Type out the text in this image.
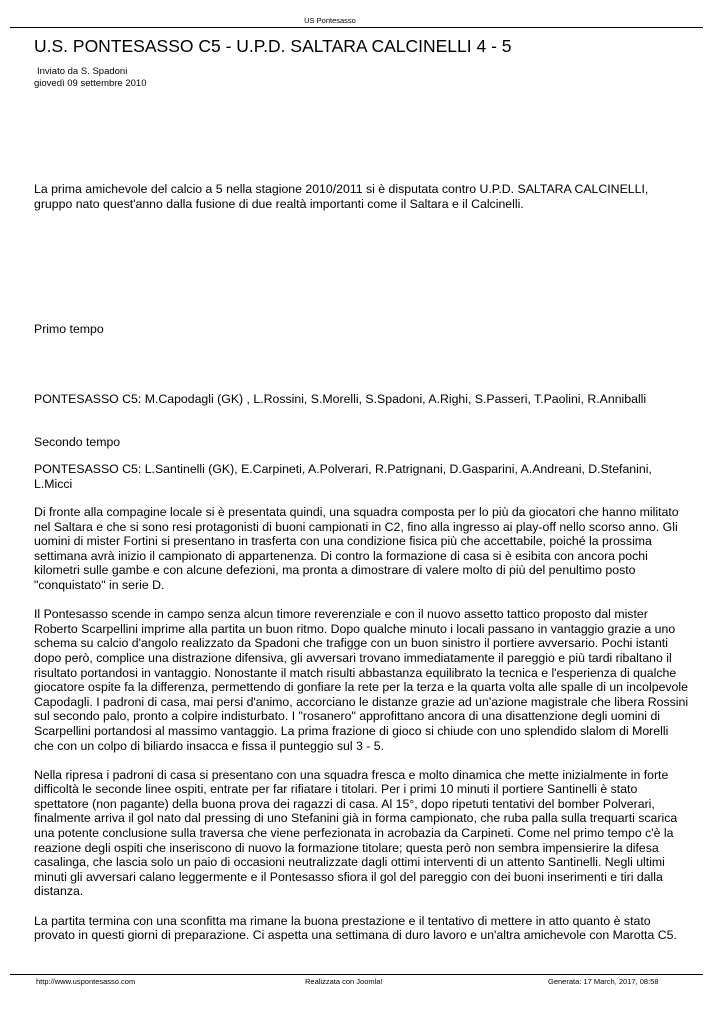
US Pontesasso
U.S. PONTESASSO C5 - U.P.D. SALTARA CALCINELLI 4 - 5
Inviato da S. Spadoni
giovedì 09 settembre 2010

La prima amichevole del calcio a 5 nella stagione 2010/2011 si è disputata contro U.P.D. SALTARA CALCINELLI, gruppo nato quest'anno dalla fusione di due realtà importanti come il Saltara e il Calcinelli.

Primo tempo

PONTESASSO C5: M.Capodagli (GK) , L.Rossini, S.Morelli, S.Spadoni, A.Righi, S.Passeri, T.Paolini, R.Anniballi

Secondo tempo

PONTESASSO C5: L.Santinelli (GK), E.Carpineti, A.Polverari, R.Patrignani, D.Gasparini, A.Andreani, D.Stefanini, L.Micci

Di fronte alla compagine locale si è presentata quindi, una squadra composta per lo più da giocatori che hanno militato nel Saltara e che si sono resi protagonisti di buoni campionati in C2, fino alla ingresso ai play-off nello scorso anno. Gli uomini di mister Fortini si presentano in trasferta con una condizione fisica più che accettabile, poiché la prossima settimana avrà inizio il campionato di appartenenza. Di contro la formazione di casa si è esibita con ancora pochi kilometri sulle gambe e con alcune defezioni, ma pronta a dimostrare di valere molto di più del penultimo posto "conquistato" in serie D.

Il Pontesasso scende in campo senza alcun timore reverenziale e con il nuovo assetto tattico proposto dal mister Roberto Scarpellini imprime alla partita un buon ritmo. Dopo qualche minuto i locali passano in vantaggio grazie a uno schema su calcio d'angolo realizzato da Spadoni che trafigge con un buon sinistro il portiere avversario. Pochi istanti dopo però, complice una distrazione difensiva, gli avversari trovano immediatamente il pareggio e più tardi ribaltano il risultato portandosi in vantaggio. Nonostante il match risulti abbastanza equilibrato la tecnica e l'esperienza di qualche giocatore ospite fa la differenza, permettendo di gonfiare la rete per la terza e la quarta volta alle spalle di un incolpevole Capodagli. I padroni di casa, mai persi d'animo, accorciano le distanze grazie ad un'azione magistrale che libera Rossini sul secondo palo, pronto a colpire indisturbato. I "rosanero" approfittano ancora di una disattenzione degli uomini di Scarpellini portandosi al massimo vantaggio. La prima frazione di gioco si chiude con uno splendido slalom di Morelli che con un colpo di biliardo insacca e fissa il punteggio sul 3 - 5.

Nella ripresa i padroni di casa si presentano con una squadra fresca e molto dinamica che mette inizialmente in forte difficoltà le seconde linee ospiti, entrate per far rifiatare i titolari. Per i primi 10 minuti il portiere Santinelli è stato spettatore (non pagante) della buona prova dei ragazzi di casa. Al 15°, dopo ripetuti tentativi del bomber Polverari, finalmente arriva il gol nato dal pressing di uno Stefanini già in forma campionato, che ruba palla sulla trequarti scarica una potente conclusione sulla traversa che viene perfezionata in acrobazia da Carpineti. Come nel primo tempo c'è la reazione degli ospiti che inseriscono di nuovo la formazione titolare; questa però non sembra impensierire la difesa casalinga, che lascia solo un paio di occasioni neutralizzate dagli ottimi interventi di un attento Santinelli. Negli ultimi minuti gli avversari calano leggermente e il Pontesasso sfiora il gol del pareggio con dei buoni inserimenti e tiri dalla distanza.

La partita termina con una sconfitta ma rimane la buona prestazione e il tentativo di mettere in atto quanto è stato provato in questi giorni di preparazione. Ci aspetta una settimana di duro lavoro e un'altra amichevole con Marotta C5.

http://www.uspontesasso.com	Realizzata con Joomla!	Generata: 17 March, 2017, 08:58
